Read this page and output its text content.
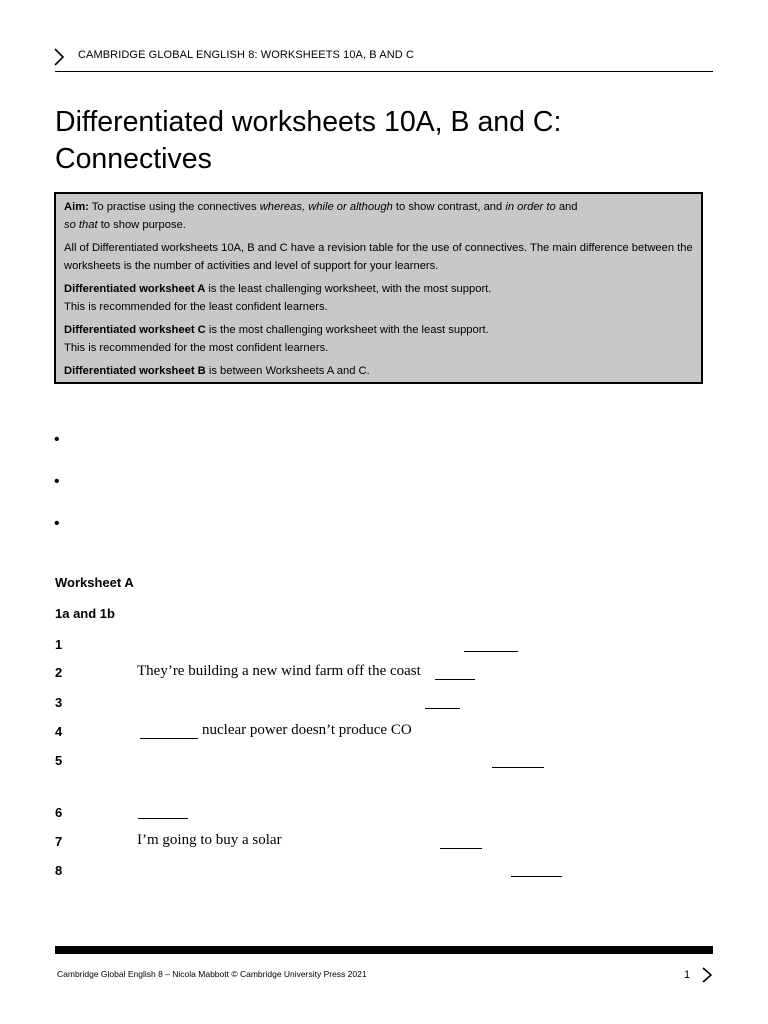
CAMBRIDGE GLOBAL ENGLISH 8: WORKSHEETS 10A, B AND C
Differentiated worksheets 10A, B and C:
Connectives

Aim: To practise using the connectives whereas, while or although to show contrast, and in order to and
so that to show purpose.

All of Differentiated worksheets 10A, B and C have a revision table for the use of connectives. The main difference between the worksheets is the number of activities and level of support for your learners.

Differentiated worksheet A is the least challenging worksheet, with the most support.
This is recommended for the least confident learners.

Differentiated worksheet C is the most challenging worksheet with the least support.
This is recommended for the most confident learners.

Differentiated worksheet B is between Worksheets A and C.

•
•
•
Worksheet A
1a and 1b
1
2	They’re building a new wind farm off the coast
3
4	nuclear power doesn’t produce CO
5
6
7	I’m going to buy a solar
8
Cambridge Global English 8 – Nicola Mabbott © Cambridge University Press 2021	1
